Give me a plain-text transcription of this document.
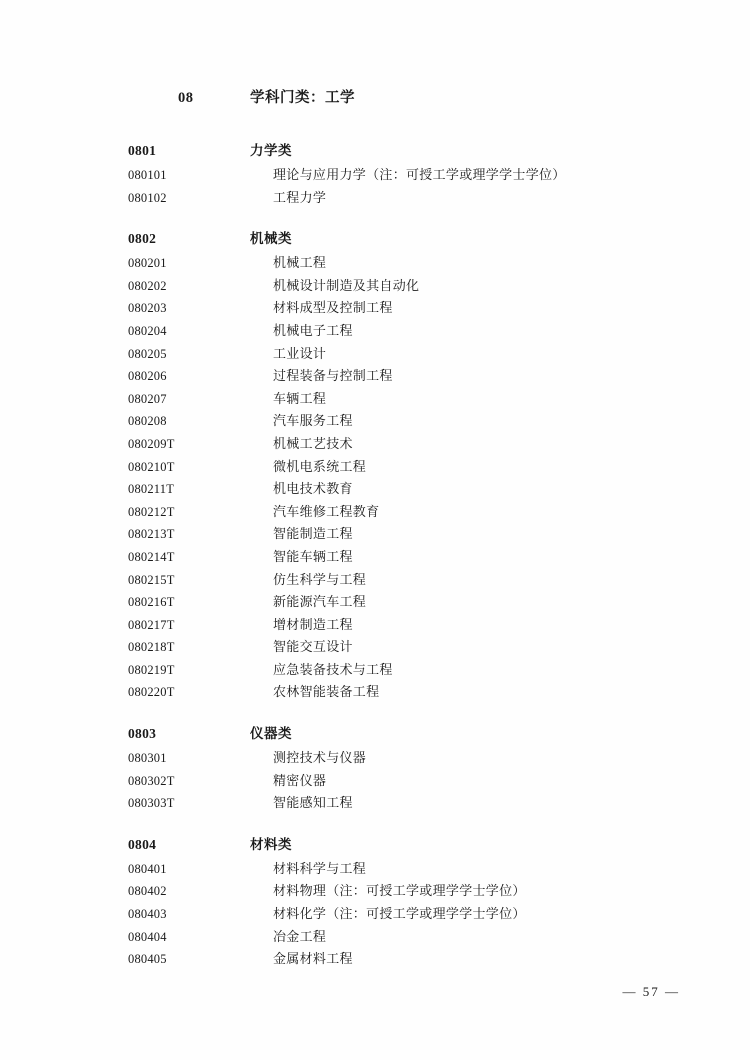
08	学科门类：工学
0801	力学类
080101	理论与应用力学（注：可授工学或理学学士学位）
080102	工程力学
0802	机械类
080201	机械工程
080202	机械设计制造及其自动化
080203	材料成型及控制工程
080204	机械电子工程
080205	工业设计
080206	过程装备与控制工程
080207	车辆工程
080208	汽车服务工程
080209T	机械工艺技术
080210T	微机电系统工程
080211T	机电技术教育
080212T	汽车维修工程教育
080213T	智能制造工程
080214T	智能车辆工程
080215T	仿生科学与工程
080216T	新能源汽车工程
080217T	增材制造工程
080218T	智能交互设计
080219T	应急装备技术与工程
080220T	农林智能装备工程
0803	仪器类
080301	测控技术与仪器
080302T	精密仪器
080303T	智能感知工程
0804	材料类
080401	材料科学与工程
080402	材料物理（注：可授工学或理学学士学位）
080403	材料化学（注：可授工学或理学学士学位）
080404	冶金工程
080405	金属材料工程
— 57 —
